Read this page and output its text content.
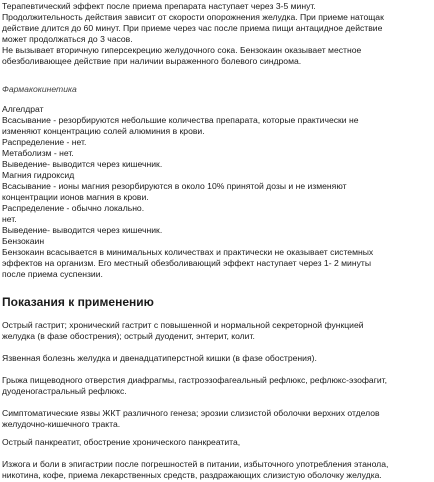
Терапевтический эффект после приема препарата наступает через 3-5 минут.
Продолжительность действия зависит от скорости опорожнения желудка. При приеме натощак
действие длится до 60 минут. При приеме через час после приема пищи антацидное действие
может продолжаться до 3 часов.
Не вызывает вторичную гиперсекрецию желудочного сока. Бензокаин оказывает местное
обезболивающее действие при наличии выраженного болевого синдрома.
Фармакокинетика
Алгелдрат
Всасывание - резорбируются небольшие количества препарата, которые практически не
изменяют концентрацию солей алюминия в крови.
Распределение - нет.
Метаболизм - нет.
Выведение- выводится через кишечник.
Магния гидроксид
Всасывание - ионы магния резорбируются в около 10% принятой дозы и не изменяют
концентрации ионов магния в крови.
Распределение - обычно локально.
нет.
Выведение- выводится через кишечник.
Бензокаин
Бензокаин всасывается в минимальных количествах и практически не оказывает системных
эффектов на организм. Его местный обезболивающий эффект наступает через 1- 2 минуты
после приема суспензии.
Показания к применению
Острый гастрит; хронический гастрит с повышенной и нормальной секреторной функцией
желудка (в фазе обострения); острый дуоденит, энтерит, колит.
Язвенная болезнь желудка и двенадцатиперстной кишки (в фазе обострения).
Грыжа пищеводного отверстия диафрагмы, гастроэзофагеальный рефлюкс, рефлюкс-эзофагит,
дуоденогастральный рефлюкс.
Симптоматические язвы ЖКТ различного генеза; эрозии слизистой оболочки верхних отделов
желудочно-кишечного тракта.
Острый панкреатит, обострение хронического панкреатита,
Изжога и боли в эпигастрии после погрешностей в питании, избыточного употребления этанола,
никотина, кофе, приема лекарственных средств, раздражающих слизистую оболочку желудка.
